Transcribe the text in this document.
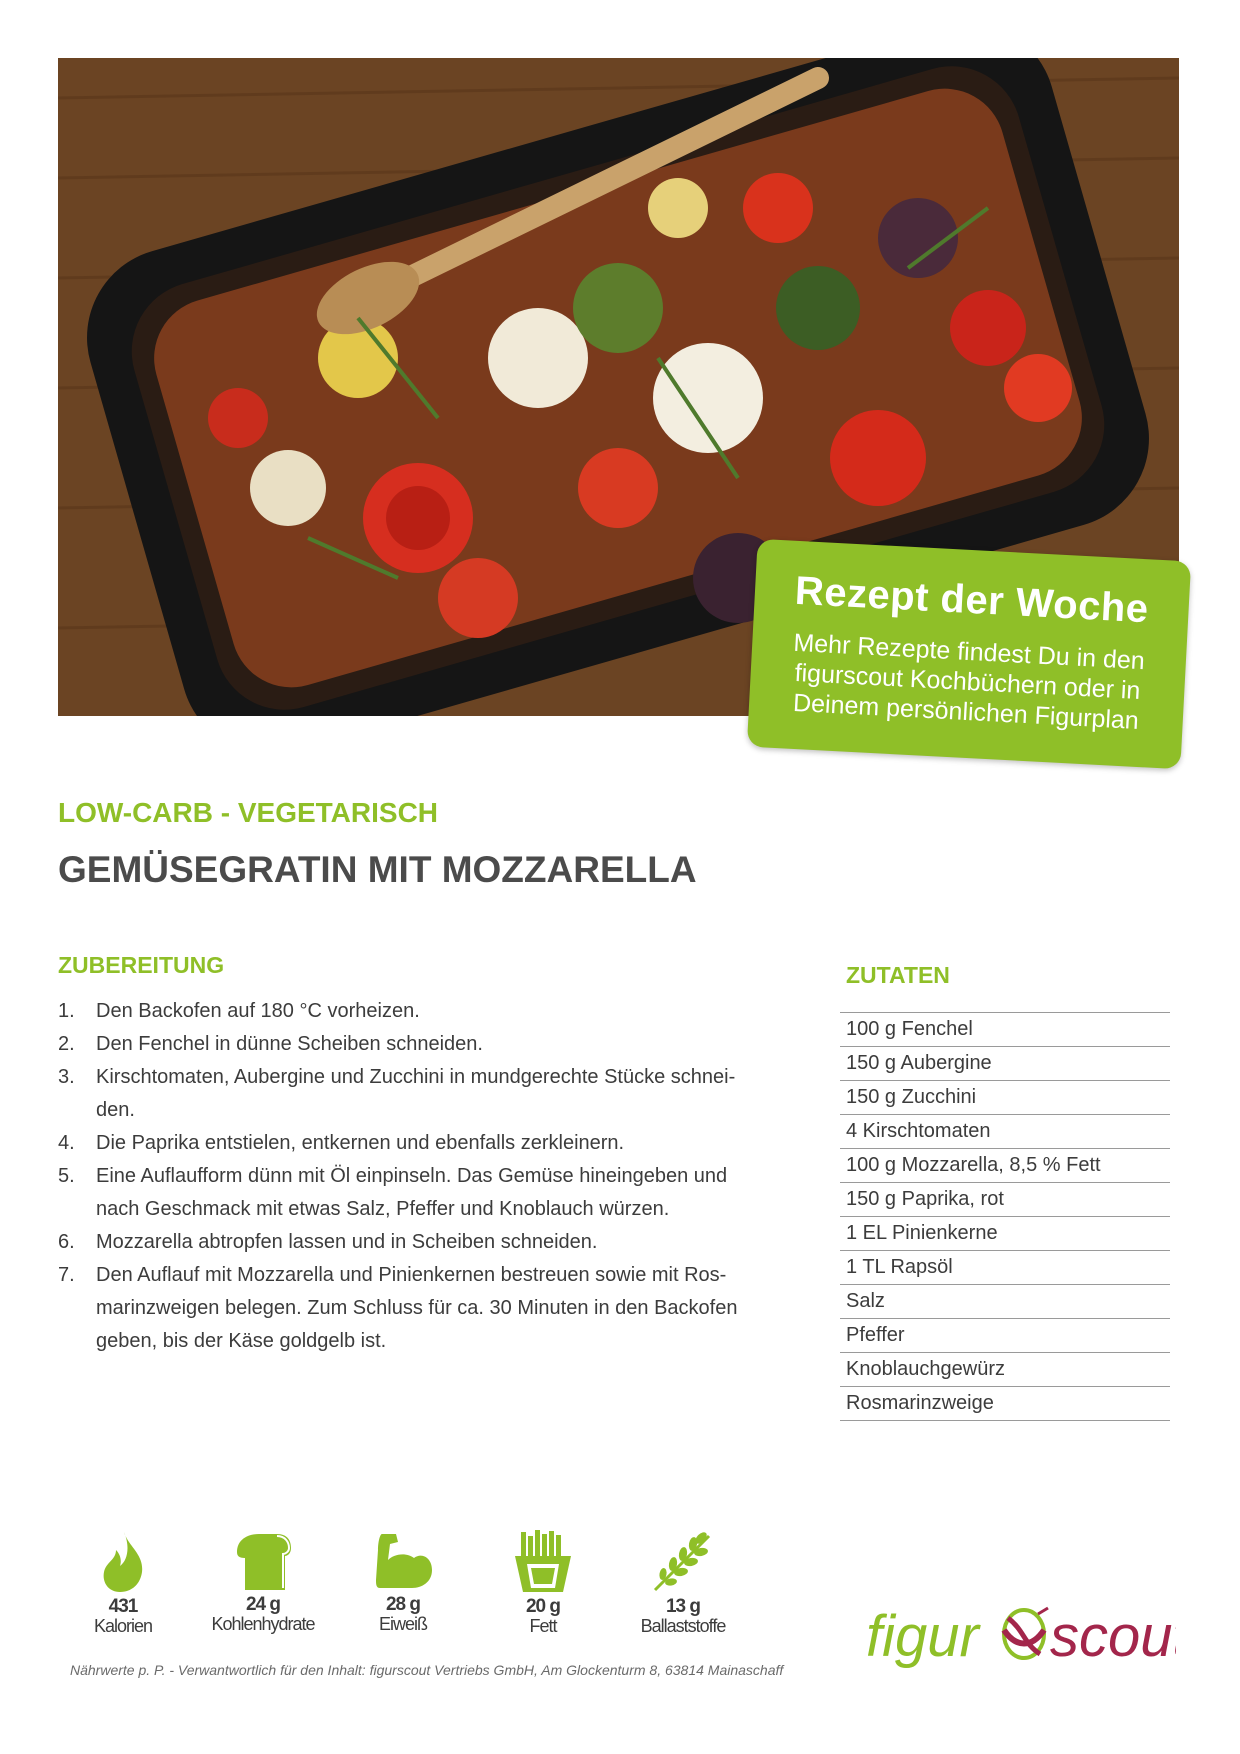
Rezept der Woche
Mehr Rezepte findest Du in den figurscout Kochbüchern oder in Deinem persönlichen Figurplan
LOW-CARB - VEGETARISCH
GEMÜSEGRATIN MIT MOZZARELLA
ZUBEREITUNG
1. Den Backofen auf 180 °C vorheizen.
2. Den Fenchel in dünne Scheiben schneiden.
3. Kirschtomaten, Aubergine und Zucchini in mundgerechte Stücke schnei-den.
4. Die Paprika entstielen, entkernen und ebenfalls zerkleinern.
5. Eine Auflaufform dünn mit Öl einpinseln. Das Gemüse hineingeben und nach Geschmack mit etwas Salz, Pfeffer und Knoblauch würzen.
6. Mozzarella abtropfen lassen und in Scheiben schneiden.
7. Den Auflauf mit Mozzarella und Pinienkernen bestreuen sowie mit Ros-marinzweigen belegen. Zum Schluss für ca. 30 Minuten in den Backofen geben, bis der Käse goldgelb ist.
ZUTATEN
100 g Fenchel
150 g Aubergine
150 g Zucchini
4 Kirschtomaten
100 g Mozzarella, 8,5 % Fett
150 g Paprika, rot
1 EL Pinienkerne
1 TL Rapsöl
Salz
Pfeffer
Knoblauchgewürz
Rosmarinzweige
431
Kalorien
24 g
Kohlenhydrate
28 g
Eiweiß
20 g
Fett
13 g
Ballaststoffe
Nährwerte p. P. - Verwantwortlich für den Inhalt: figurscout Vertriebs GmbH, Am Glockenturm 8, 63814 Mainaschaff
figur scout
